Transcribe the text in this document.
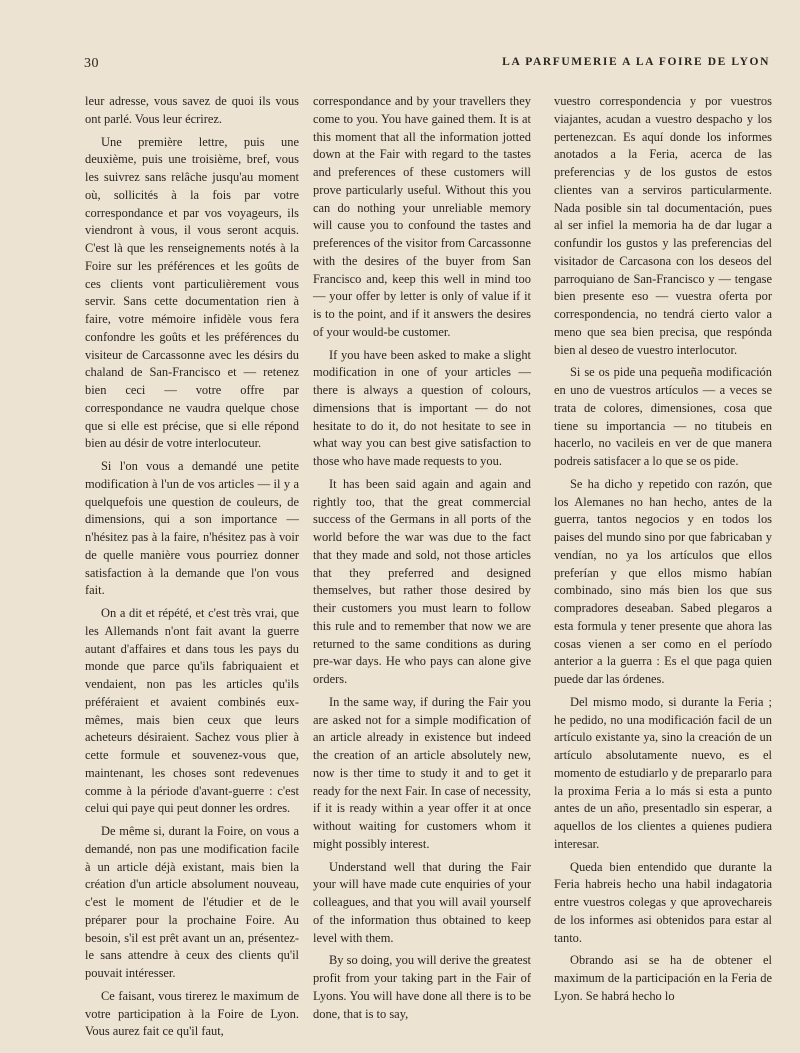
30	LA PARFUMERIE A LA FOIRE DE LYON

leur adresse, vous savez de quoi ils vous ont parlé. Vous leur écrirez.

Une première lettre, puis une deuxième, puis une troisième, bref, vous les suivrez sans relâche jusqu'au moment où, sollicités à la fois par votre correspondance et par vos voyageurs, ils viendront à vous, il vous seront acquis. C'est là que les renseignements notés à la Foire sur les préférences et les goûts de ces clients vont particulièrement vous servir. Sans cette documentation rien à faire, votre mémoire infidèle vous fera confondre les goûts et les préférences du visiteur de Carcassonne avec les désirs du chaland de San-Francisco et — retenez bien ceci — votre offre par correspondance ne vaudra quelque chose que si elle est précise, que si elle répond bien au désir de votre interlocuteur.

Si l'on vous a demandé une petite modification à l'un de vos articles — il y a quelquefois une question de couleurs, de dimensions, qui a son importance — n'hésitez pas à la faire, n'hésitez pas à voir de quelle manière vous pourriez donner satisfaction à la demande que l'on vous fait.

On a dit et répété, et c'est très vrai, que les Allemands n'ont fait avant la guerre autant d'affaires et dans tous les pays du monde que parce qu'ils fabriquaient et vendaient, non pas les articles qu'ils préféraient et avaient combinés eux-mêmes, mais bien ceux que leurs acheteurs désiraient. Sachez vous plier à cette formule et souvenez-vous que, maintenant, les choses sont redevenues comme à la période d'avant-guerre : c'est celui qui paye qui peut donner les ordres.

De même si, durant la Foire, on vous a demandé, non pas une modification facile à un article déjà existant, mais bien la création d'un article absolument nouveau, c'est le moment de l'étudier et de le préparer pour la prochaine Foire. Au besoin, s'il est prêt avant un an, présentez-le sans attendre à ceux des clients qu'il pouvait intéresser.

Ce faisant, vous tirerez le maximum de votre participation à la Foire de Lyon. Vous aurez fait ce qu'il faut,

correspondance and by your travellers they come to you. You have gained them. It is at this moment that all the information jotted down at the Fair with regard to the tastes and preferences of these customers will prove particularly useful. Without this you can do nothing your unreliable memory will cause you to confound the tastes and preferences of the visitor from Carcassonne with the desires of the buyer from San Francisco and, keep this well in mind too — your offer by letter is only of value if it is to the point, and if it answers the desires of your would-be customer.

If you have been asked to make a slight modification in one of your articles — there is always a question of colours, dimensions that is important — do not hesitate to do it, do not hesitate to see in what way you can best give satisfaction to those who have made requests to you.

It has been said again and again and rightly too, that the great commercial success of the Germans in all ports of the world before the war was due to the fact that they made and sold, not those articles that they preferred and designed themselves, but rather those desired by their customers you must learn to follow this rule and to remember that now we are returned to the same conditions as during pre-war days. He who pays can alone give orders.

In the same way, if during the Fair you are asked not for a simple modification of an article already in existence but indeed the creation of an article absolutely new, now is ther time to study it and to get it ready for the next Fair. In case of necessity, if it is ready within a year offer it at once without waiting for customers whom it might possibly interest.

Understand well that during the Fair your will have made cute enquiries of your colleagues, and that you will avail yourself of the information thus obtained to keep level with them.

By so doing, you will derive the greatest profit from your taking part in the Fair of Lyons. You will have done all there is to be done, that is to say,

vuestro correspondencia y por vuestros viajantes, acudan a vuestro despacho y los pertenezcan. Es aquí donde los informes anotados a la Feria, acerca de las preferencias y de los gustos de estos clientes van a serviros particularmente. Nada posible sin tal documentación, pues al ser infiel la memoria ha de dar lugar a confundir los gustos y las preferencias del visitador de Carcasona con los deseos del parroquiano de San-Francisco y — tengase bien presente eso — vuestra oferta por correspondencia, no tendrá cierto valor a meno que sea bien precisa, que respónda bien al deseo de vuestro interlocutor.

Si se os pide una pequeña modificación en uno de vuestros artículos — a veces se trata de colores, dimensiones, cosa que tiene su importancia — no titubeis en hacerlo, no vacileis en ver de que manera podreis satisfacer a lo que se os pide.

Se ha dicho y repetido con razón, que los Alemanes no han hecho, antes de la guerra, tantos negocios y en todos los paises del mundo sino por que fabricaban y vendían, no ya los artículos que ellos preferían y que ellos mismo habían combinado, sino más bien los que sus compradores deseaban. Sabed plegaros a esta formula y tener presente que ahora las cosas vienen a ser como en el período anterior a la guerra : Es el que paga quien puede dar las órdenes.

Del mismo modo, si durante la Feria ; he pedido, no una modificación facil de un artículo existante ya, sino la creación de un artículo absolutamente nuevo, es el momento de estudiarlo y de prepararlo para la proxima Feria a lo más si esta a punto antes de un año, presentadlo sin esperar, a aquellos de los clientes a quienes pudiera interesar.

Queda bien entendido que durante la Feria habreis hecho una habil indagatoria entre vuestros colegas y que aprovechareis de los informes asi obtenidos para estar al tanto.

Obrando asi se ha de obtener el maximum de la participación en la Feria de Lyon. Se habrá hecho lo
